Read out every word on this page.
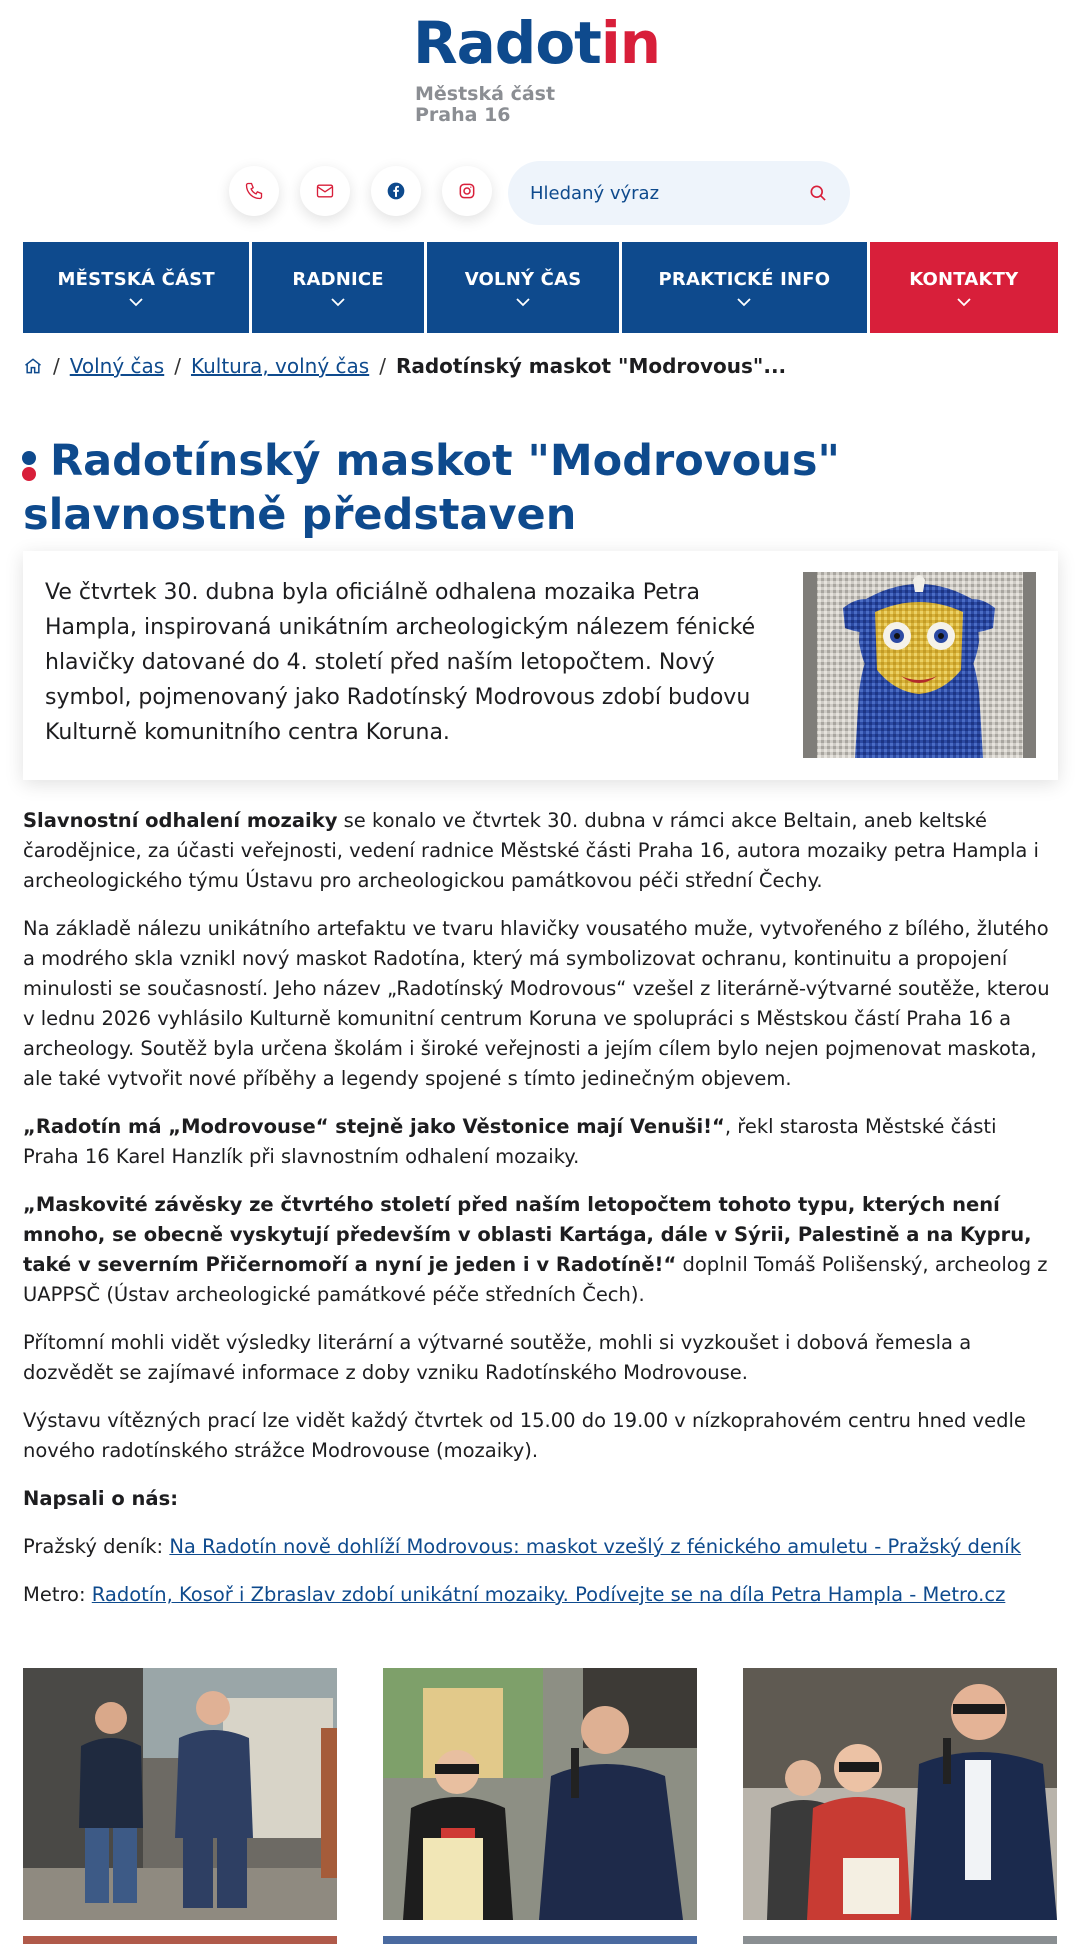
Radotin
Městská část
Praha 16
Hledaný výraz
MĚSTSKÁ ČÁST	RADNICE	VOLNÝ ČAS	PRAKTICKÉ INFO	KONTAKTY
/ Volný čas / Kultura, volný čas / Radotínský maskot "Modrovous"...
Radotínský maskot "Modrovous" slavnostně představen

Ve čtvrtek 30. dubna byla oficiálně odhalena mozaika Petra Hampla, inspirovaná unikátním archeologickým nálezem fénické hlavičky datované do 4. století před naším letopočtem. Nový symbol, pojmenovaný jako Radotínský Modrovous zdobí budovu Kulturně komunitního centra Koruna.

Slavnostní odhalení mozaiky se konalo ve čtvrtek 30. dubna v rámci akce Beltain, aneb keltské čarodějnice, za účasti veřejnosti, vedení radnice Městské části Praha 16, autora mozaiky petra Hampla i archeologického týmu Ústavu pro archeologickou památkovou péči střední Čechy.

Na základě nálezu unikátního artefaktu ve tvaru hlavičky vousatého muže, vytvořeného z bílého, žlutého a modrého skla vznikl nový maskot Radotína, který má symbolizovat ochranu, kontinuitu a propojení minulosti se současností. Jeho název „Radotínský Modrovous“ vzešel z literárně-výtvarné soutěže, kterou v lednu 2026 vyhlásilo Kulturně komunitní centrum Koruna ve spolupráci s Městskou částí Praha 16 a archeology. Soutěž byla určena školám i široké veřejnosti a jejím cílem bylo nejen pojmenovat maskota, ale také vytvořit nové příběhy a legendy spojené s tímto jedinečným objevem.

„Radotín má „Modrovouse“ stejně jako Věstonice mají Venuši!“, řekl starosta Městské části Praha 16 Karel Hanzlík při slavnostním odhalení mozaiky.

„Maskovité závěsky ze čtvrtého století před naším letopočtem tohoto typu, kterých není mnoho, se obecně vyskytují především v oblasti Kartága, dále v Sýrii, Palestině a na Kypru, také v severním Přičernomoří a nyní je jeden i v Radotíně!“ doplnil Tomáš Polišenský, archeolog z UAPPSČ (Ústav archeologické památkové péče středních Čech).

Přítomní mohli vidět výsledky literární a výtvarné soutěže, mohli si vyzkoušet i dobová řemesla a dozvědět se zajímavé informace z doby vzniku Radotínského Modrovouse.

Výstavu vítězných prací lze vidět každý čtvrtek od 15.00 do 19.00 v nízkoprahovém centru hned vedle nového radotínského strážce Modrovouse (mozaiky).

Napsali o nás:

Pražský deník: Na Radotín nově dohlíží Modrovous: maskot vzešlý z fénického amuletu - Pražský deník

Metro: Radotín, Kosoř i Zbraslav zdobí unikátní mozaiky. Podívejte se na díla Petra Hampla - Metro.cz
